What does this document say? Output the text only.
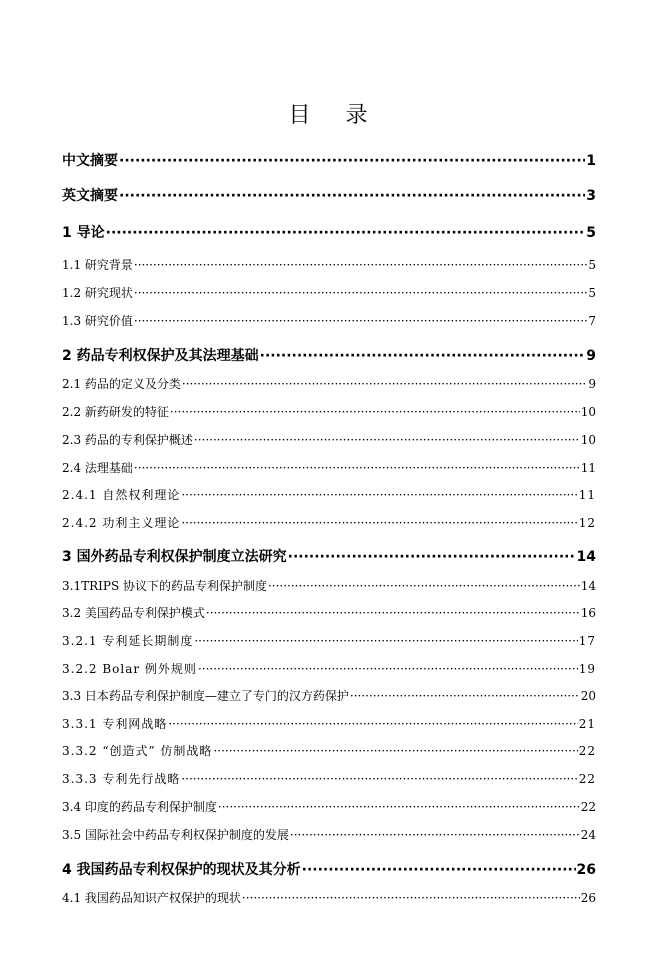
目 录
中文摘要 ·····	1
英文摘要 ·····	3
1 导论 ·····	5
1.1 研究背景 ·····	5
1.2 研究现状 ·····	5
1.3 研究价值 ·····	7
2 药品专利权保护及其法理基础 ·····	9
2.1 药品的定义及分类 ·····	9
2.2 新药研发的特征 ·····	10
2.3 药品的专利保护概述 ·····	10
2.4 法理基础 ·····	11
2.4.1 自然权利理论 ·····	11
2.4.2 功利主义理论 ·····	12
3 国外药品专利权保护制度立法研究 ·····	14
3.1TRIPS 协议下的药品专利保护制度 ·····	14
3.2 美国药品专利保护模式 ·····	16
3.2.1 专利延长期制度 ·····	17
3.2.2 Bolar 例外规则 ·····	19
3.3 日本药品专利保护制度—建立了专门的汉方药保护 ·····	20
3.3.1 专利网战略 ·····	21
3.3.2 “创造式” 仿制战略 ·····	22
3.3.3 专利先行战略 ·····	22
3.4 印度的药品专利保护制度 ·····	22
3.5 国际社会中药品专利权保护制度的发展 ·····	24
4 我国药品专利权保护的现状及其分析 ·····	26
4.1 我国药品知识产权保护的现状 ·····	26
